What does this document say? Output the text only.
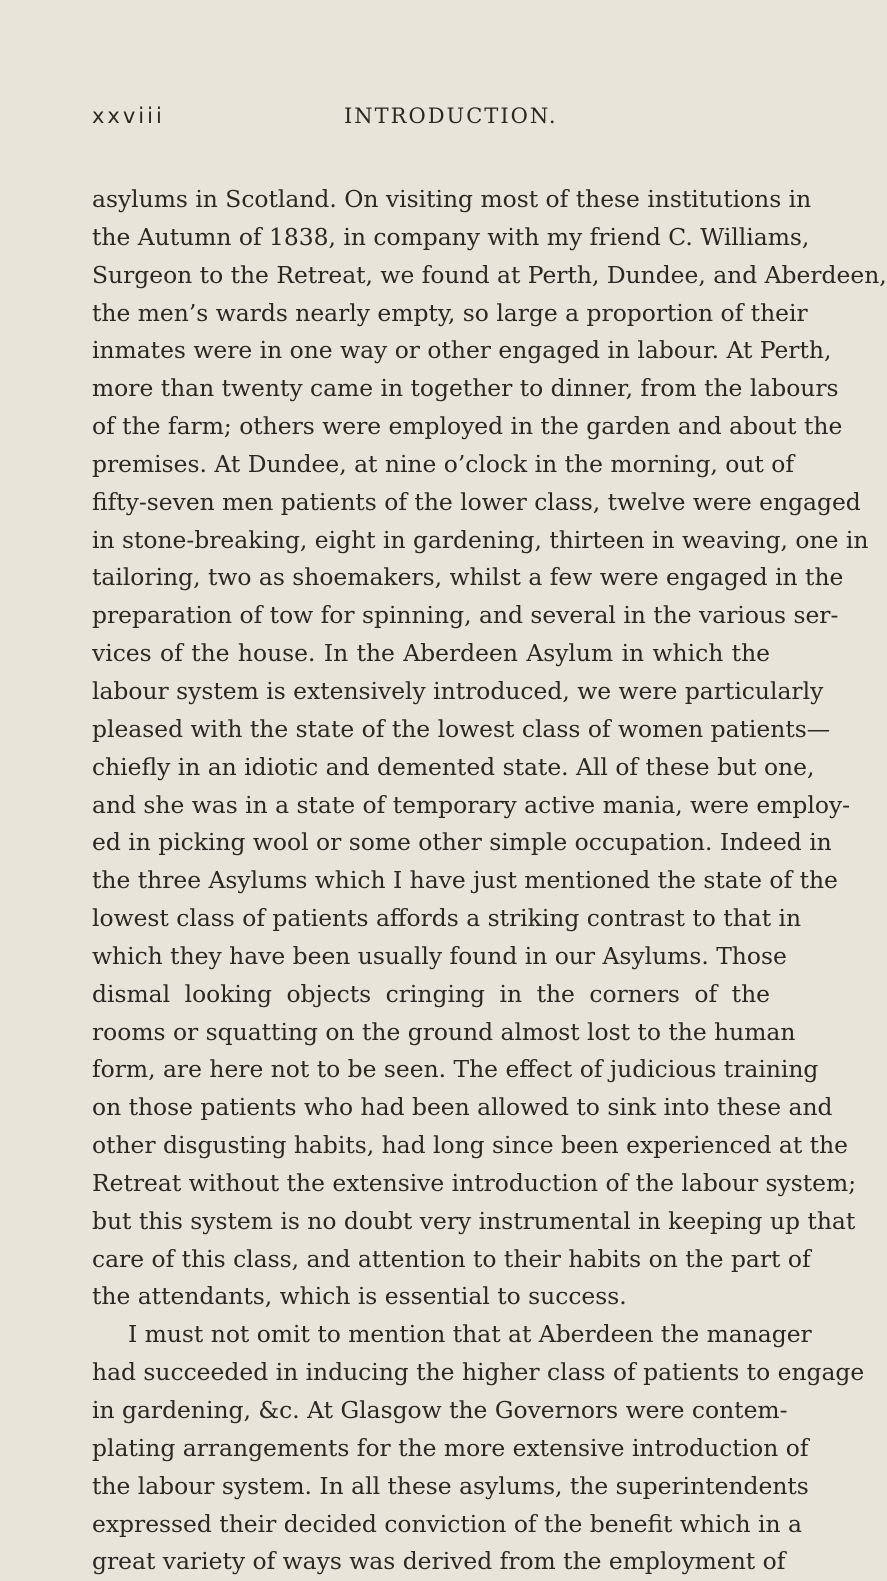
xxviii	INTRODUCTION.
asylums in Scotland. On visiting most of these institutions in
the Autumn of 1838, in company with my friend C. Williams,
Surgeon to the Retreat, we found at Perth, Dundee, and Aberdeen,
the men’s wards nearly empty, so large a proportion of their
inmates were in one way or other engaged in labour. At Perth,
more than twenty came in together to dinner, from the labours
of the farm; others were employed in the garden and about the
premises. At Dundee, at nine o’clock in the morning, out of
fifty-seven men patients of the lower class, twelve were engaged
in stone-breaking, eight in gardening, thirteen in weaving, one in
tailoring, two as shoemakers, whilst a few were engaged in the
preparation of tow for spinning, and several in the various ser-
vices of the house. In the Aberdeen Asylum in which the
labour system is extensively introduced, we were particularly
pleased with the state of the lowest class of women patients—
chiefly in an idiotic and demented state. All of these but one,
and she was in a state of temporary active mania, were employ-
ed in picking wool or some other simple occupation. Indeed in
the three Asylums which I have just mentioned the state of the
lowest class of patients affords a striking contrast to that in
which they have been usually found in our Asylums. Those
dismal looking objects cringing in the corners of the
rooms or squatting on the ground almost lost to the human
form, are here not to be seen. The effect of judicious training
on those patients who had been allowed to sink into these and
other disgusting habits, had long since been experienced at the
Retreat without the extensive introduction of the labour system;
but this system is no doubt very instrumental in keeping up that
care of this class, and attention to their habits on the part of
the attendants, which is essential to success.
I must not omit to mention that at Aberdeen the manager
had succeeded in inducing the higher class of patients to engage
in gardening, &c. At Glasgow the Governors were contem-
plating arrangements for the more extensive introduction of
the labour system. In all these asylums, the superintendents
expressed their decided conviction of the benefit which in a
great variety of ways was derived from the employment of
